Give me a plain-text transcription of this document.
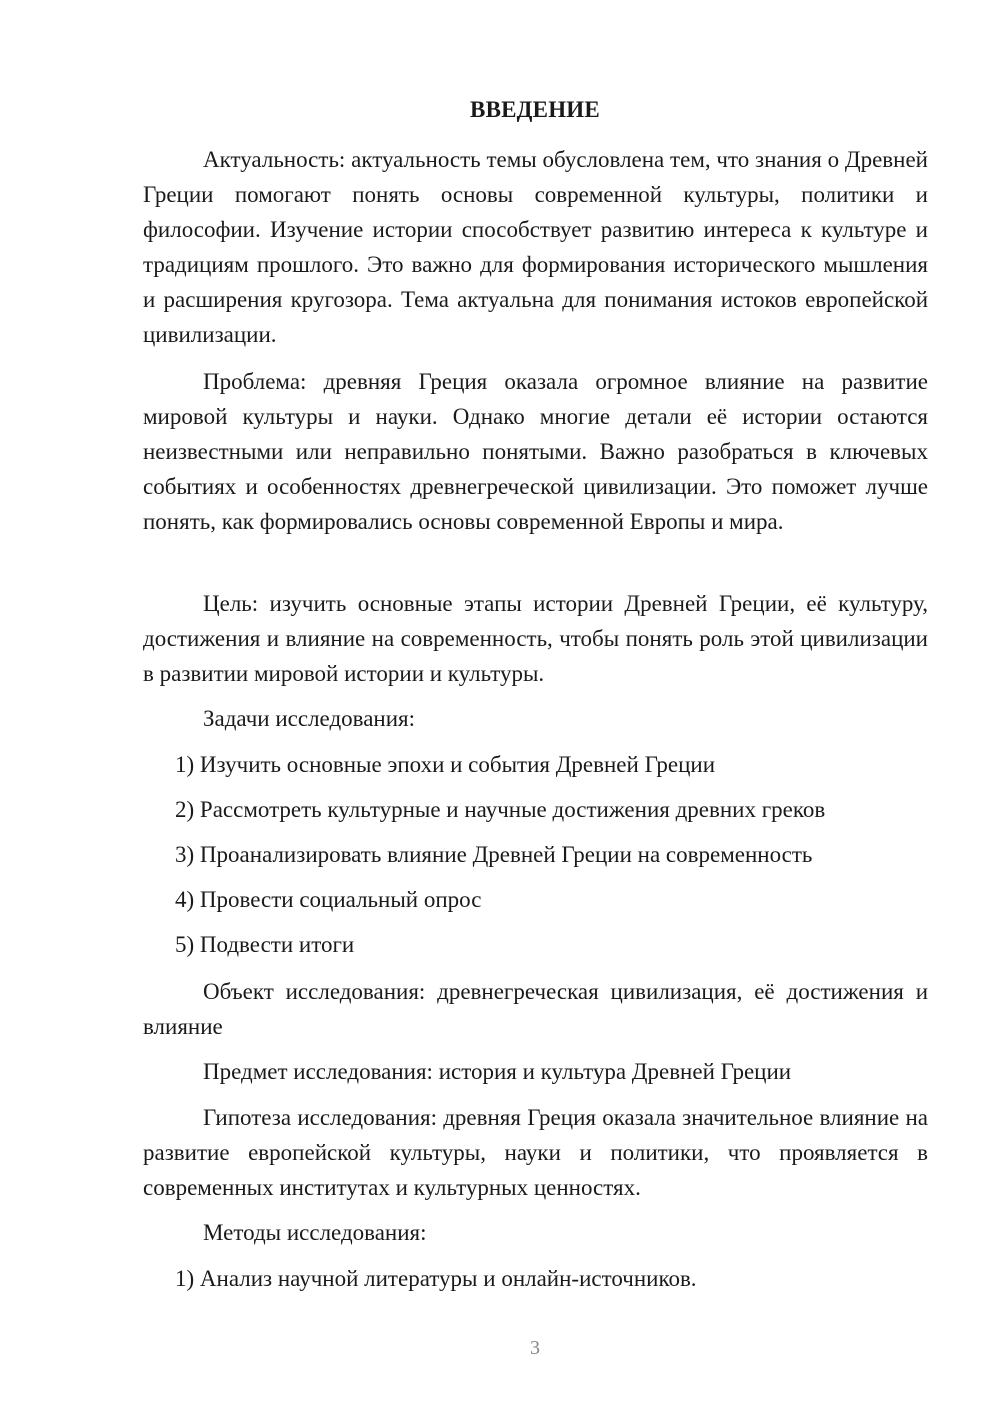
ВВЕДЕНИЕ

Актуальность: актуальность темы обусловлена тем, что знания о Древней Греции помогают понять основы современной культуры, политики и философии. Изучение истории способствует развитию интереса к культуре и традициям прошлого. Это важно для формирования исторического мышления и расширения кругозора. Тема актуальна для понимания истоков европейской цивилизации.

Проблема: древняя Греция оказала огромное влияние на развитие мировой культуры и науки. Однако многие детали её истории остаются неизвестными или неправильно понятыми. Важно разобраться в ключевых событиях и особенностях древнегреческой цивилизации. Это поможет лучше понять, как формировались основы современной Европы и мира.

Цель: изучить основные этапы истории Древней Греции, её культуру, достижения и влияние на современность, чтобы понять роль этой цивилизации в развитии мировой истории и культуры.

Задачи исследования:

1) Изучить основные эпохи и события Древней Греции

2) Рассмотреть культурные и научные достижения древних греков

3) Проанализировать влияние Древней Греции на современность

4) Провести социальный опрос

5) Подвести итоги

Объект исследования: древнегреческая цивилизация, её достижения и влияние

Предмет исследования: история и культура Древней Греции

Гипотеза исследования: древняя Греция оказала значительное влияние на развитие европейской культуры, науки и политики, что проявляется в современных институтах и культурных ценностях.

Методы исследования:

1) Анализ научной литературы и онлайн-источников.

3
